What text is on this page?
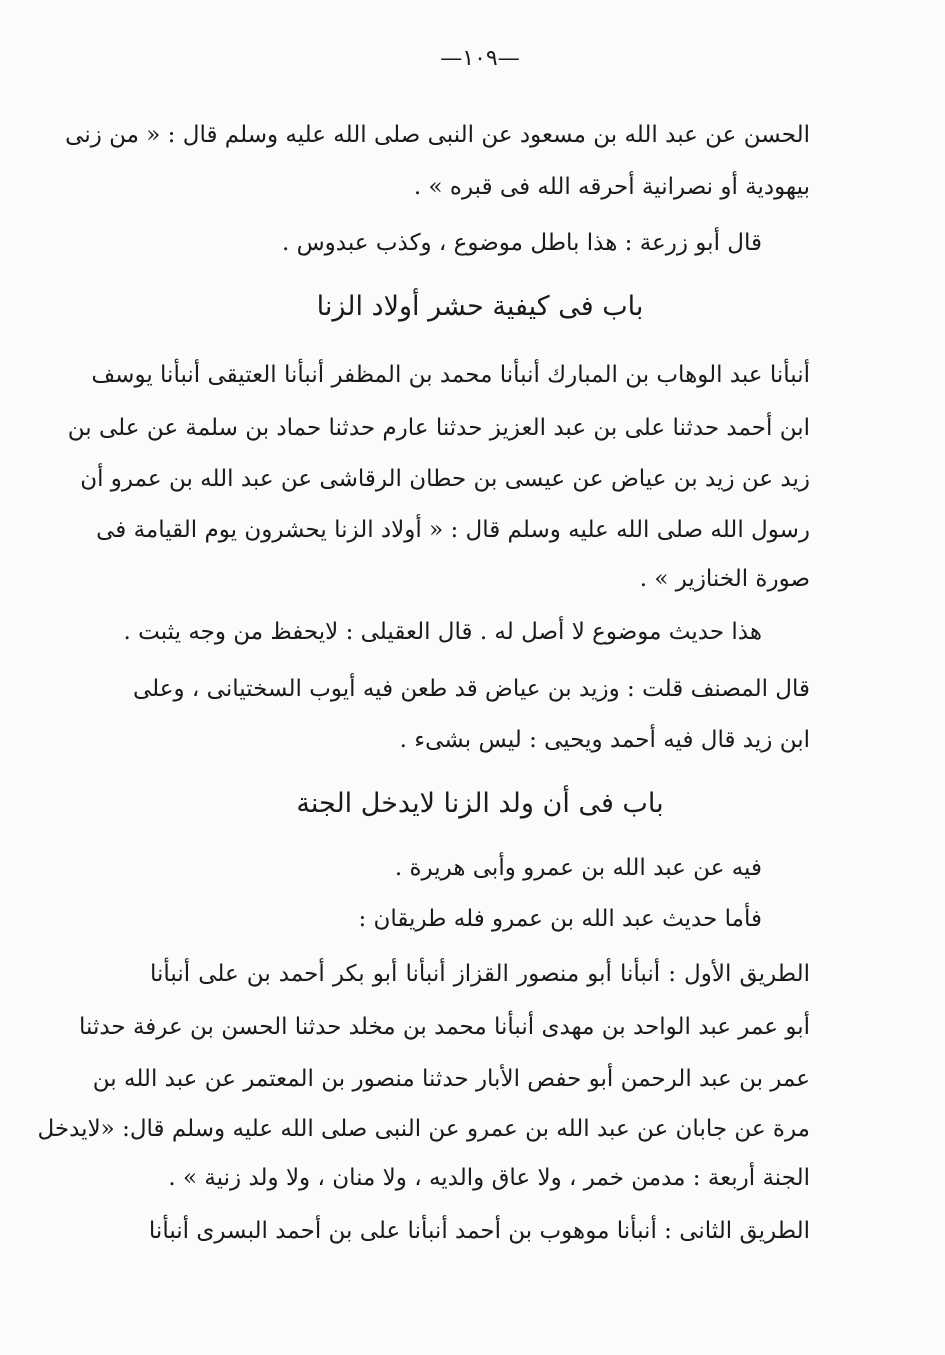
—١٠٩—
الحسن عن عبد الله بن مسعود عن النبى صلى الله عليه وسلم قال : « من زنى
بيهودية أو نصرانية أحرقه الله فى قبره » .
قال أبو زرعة : هذا باطل موضوع ، وكذب عبدوس .
باب فى كيفية حشر أولاد الزنا
أنبأنا عبد الوهاب بن المبارك أنبأنا محمد بن المظفر أنبأنا العتيقى أنبأنا يوسف
ابن أحمد حدثنا على بن عبد العزيز حدثنا عارم حدثنا حماد بن سلمة عن على بن
زيد عن زيد بن عياض عن عيسى بن حطان الرقاشى عن عبد الله بن عمرو أن
رسول الله صلى الله عليه وسلم قال : « أولاد الزنا يحشرون يوم القيامة فى
صورة الخنازير » .
هذا حديث موضوع لا أصل له . قال العقيلى : لايحفظ من وجه يثبت .
قال المصنف قلت : وزيد بن عياض قد طعن فيه أيوب السختيانى ، وعلى
ابن زيد قال فيه أحمد ويحيى : ليس بشىء .
باب فى أن ولد الزنا لايدخل الجنة
فيه عن عبد الله بن عمرو وأبى هريرة .
فأما حديث عبد الله بن عمرو فله طريقان :
الطريق الأول : أنبأنا أبو منصور القزاز أنبأنا أبو بكر أحمد بن على أنبأنا
أبو عمر عبد الواحد بن مهدى أنبأنا محمد بن مخلد حدثنا الحسن بن عرفة حدثنا
عمر بن عبد الرحمن أبو حفص الأبار حدثنا منصور بن المعتمر عن عبد الله بن
مرة عن جابان عن عبد الله بن عمرو عن النبى صلى الله عليه وسلم قال: «لايدخل
الجنة أربعة : مدمن خمر ، ولا عاق والديه ، ولا منان ، ولا ولد زنية » .
الطريق الثانى : أنبأنا موهوب بن أحمد أنبأنا على بن أحمد البسرى أنبأنا
